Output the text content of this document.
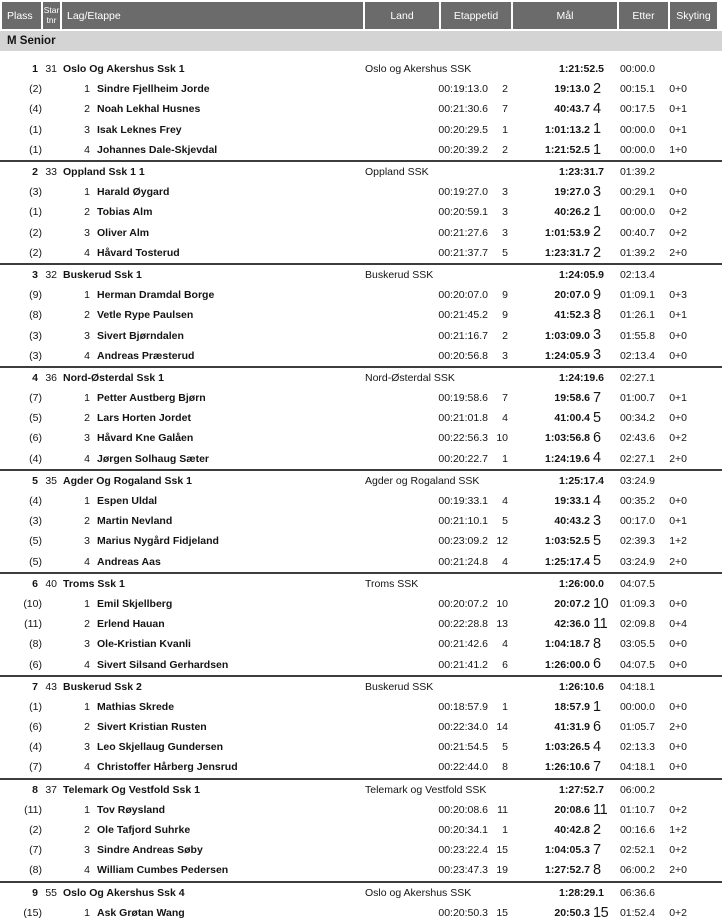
Plass	Star
tnr	Lag/Etappe	Land	Etappetid	Mål	Etter	Skyting
M Senior
1 31 Oslo Og Akershus Ssk 1	Oslo og Akershus SSK	1:21:52.5	00:00.0
(2)	1 Sindre Fjellheim Jorde	00:19:13.0	2	19:13.0 2	00:15.1	0+0
(4)	2 Noah Lekhal Husnes	00:21:30.6	7	40:43.7 4	00:17.5	0+1
(1)	3 Isak Leknes Frey	00:20:29.5	1	1:01:13.2 1	00:00.0	0+1
(1)	4 Johannes Dale-Skjevdal	00:20:39.2	2	1:21:52.5 1	00:00.0	1+0
2 33 Oppland Ssk 1 1	Oppland SSK	1:23:31.7	01:39.2
(3)	1 Harald Øygard	00:19:27.0	3	19:27.0 3	00:29.1	0+0
(1)	2 Tobias Alm	00:20:59.1	3	40:26.2 1	00:00.0	0+2
(2)	3 Oliver Alm	00:21:27.6	3	1:01:53.9 2	00:40.7	0+2
(2)	4 Håvard Tosterud	00:21:37.7	5	1:23:31.7 2	01:39.2	2+0
3 32 Buskerud Ssk 1	Buskerud SSK	1:24:05.9	02:13.4
(9)	1 Herman Dramdal Borge	00:20:07.0	9	20:07.0 9	01:09.1	0+3
(8)	2 Vetle Rype Paulsen	00:21:45.2	9	41:52.3 8	01:26.1	0+1
(3)	3 Sivert Bjørndalen	00:21:16.7	2	1:03:09.0 3	01:55.8	0+0
(3)	4 Andreas Præsterud	00:20:56.8	3	1:24:05.9 3	02:13.4	0+0
4 36 Nord-Østerdal Ssk 1	Nord-Østerdal SSK	1:24:19.6	02:27.1
(7)	1 Petter Austberg Bjørn	00:19:58.6	7	19:58.6 7	01:00.7	0+1
(5)	2 Lars Horten Jordet	00:21:01.8	4	41:00.4 5	00:34.2	0+0
(6)	3 Håvard Kne Galåen	00:22:56.3 10	1:03:56.8 6	02:43.6	0+2
(4)	4 Jørgen Solhaug Sæter	00:20:22.7	1	1:24:19.6 4	02:27.1	2+0
5 35 Agder Og Rogaland Ssk 1	Agder og Rogaland SSK	1:25:17.4	03:24.9
(4)	1 Espen Uldal	00:19:33.1	4	19:33.1 4	00:35.2	0+0
(3)	2 Martin Nevland	00:21:10.1	5	40:43.2 3	00:17.0	0+1
(5)	3 Marius Nygård Fidjeland	00:23:09.2 12	1:03:52.5 5	02:39.3	1+2
(5)	4 Andreas Aas	00:21:24.8	4	1:25:17.4 5	03:24.9	2+0
6 40 Troms Ssk 1	Troms SSK	1:26:00.0	04:07.5
(10)	1 Emil Skjellberg	00:20:07.2 10	20:07.2 10	01:09.3	0+0
(11)	2 Erlend Hauan	00:22:28.8 13	42:36.0 11	02:09.8	0+4
(8)	3 Ole-Kristian Kvanli	00:21:42.6	4	1:04:18.7 8	03:05.5	0+0
(6)	4 Sivert Silsand Gerhardsen	00:21:41.2	6	1:26:00.0 6	04:07.5	0+0
7 43 Buskerud Ssk 2	Buskerud SSK	1:26:10.6	04:18.1
(1)	1 Mathias Skrede	00:18:57.9	1	18:57.9 1	00:00.0	0+0
(6)	2 Sivert Kristian Rusten	00:22:34.0 14	41:31.9 6	01:05.7	2+0
(4)	3 Leo Skjellaug Gundersen	00:21:54.5	5	1:03:26.5 4	02:13.3	0+0
(7)	4 Christoffer Hårberg Jensrud	00:22:44.0	8	1:26:10.6 7	04:18.1	0+0
8 37 Telemark Og Vestfold Ssk 1	Telemark og Vestfold SSK	1:27:52.7	06:00.2
(11)	1 Tov Røysland	00:20:08.6 11	20:08.6 11	01:10.7	0+2
(2)	2 Ole Tafjord Suhrke	00:20:34.1	1	40:42.8 2	00:16.6	1+2
(7)	3 Sindre Andreas Søby	00:23:22.4 15	1:04:05.3 7	02:52.1	0+2
(8)	4 William Cumbes Pedersen	00:23:47.3 19	1:27:52.7 8	06:00.2	2+0
9 55 Oslo Og Akershus Ssk 4	Oslo og Akershus SSK	1:28:29.1	06:36.6
(15)	1 Ask Grøtan Wang	00:20:50.3 15	20:50.3 15	01:52.4	0+2
